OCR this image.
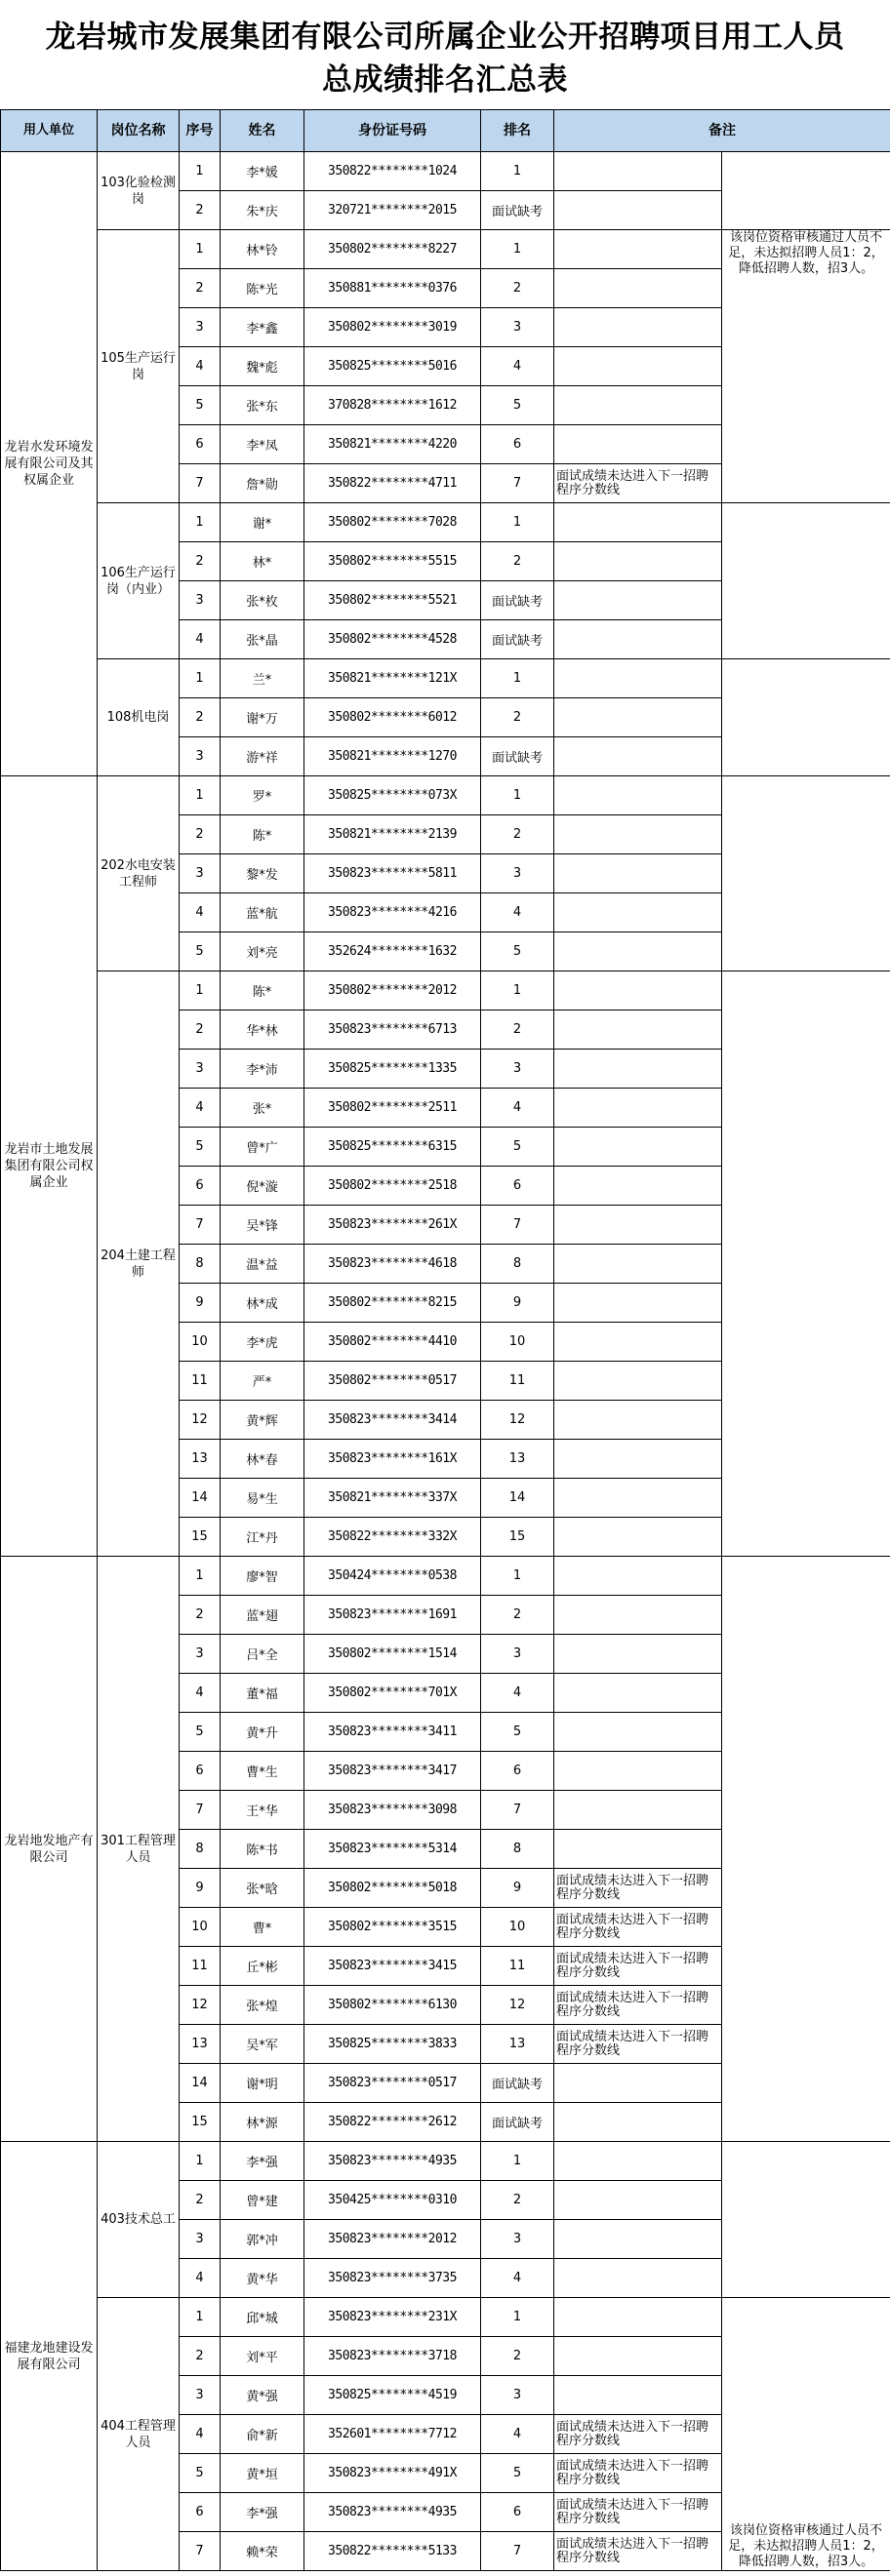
龙岩城市发展集团有限公司所属企业公开招聘项目用工人员
总成绩排名汇总表
用人单位	岗位名称	序号	姓名	身份证号码	排名	备注	
龙岩水发环境发展有限公司及其权属企业	103化验检测岗	1	李*媛	350822********1024	1		
		2	朱*庆	320721********2015	面试缺考		
	105生产运行岗	1	林*铃	350802********8227	1		该岗位资格审核通过人员不足，未达拟招聘人员1：2，降低招聘人数，招3人。
		2	陈*光	350881********0376	2		
		3	李*鑫	350802********3019	3		
		4	魏*彪	350825********5016	4		
		5	张*东	370828********1612	5		
		6	李*凤	350821********4220	6		
		7	詹*勋	350822********4711	7	面试成绩未达进入下一招聘程序分数线	
	106生产运行岗（内业）	1	谢*	350802********7028	1		
		2	林*	350802********5515	2		
		3	张*枚	350802********5521	面试缺考		
		4	张*晶	350802********4528	面试缺考		
	108机电岗	1	兰*	350821********121X	1		
		2	谢*万	350802********6012	2		
		3	游*祥	350821********1270	面试缺考		
龙岩市土地发展集团有限公司权属企业	202水电安装工程师	1	罗*	350825********073X	1		
		2	陈*	350821********2139	2		
		3	黎*发	350823********5811	3		
		4	蓝*航	350823********4216	4		
		5	刘*亮	352624********1632	5		
	204土建工程师	1	陈*	350802********2012	1		
		2	华*林	350823********6713	2		
		3	李*沛	350825********1335	3		
		4	张*	350802********2511	4		
		5	曾*广	350825********6315	5		
		6	倪*漩	350802********2518	6		
		7	吴*锋	350823********261X	7		
		8	温*益	350823********4618	8		
		9	林*成	350802********8215	9		
		10	李*虎	350802********4410	10		
		11	严*	350802********0517	11		
		12	黄*辉	350823********3414	12		
		13	林*春	350823********161X	13		
		14	易*生	350821********337X	14		
		15	江*丹	350822********332X	15		
龙岩地发地产有限公司	301工程管理人员	1	廖*智	350424********0538	1		
		2	蓝*翅	350823********1691	2		
		3	吕*全	350802********1514	3		
		4	董*福	350802********701X	4		
		5	黄*升	350823********3411	5		
		6	曹*生	350823********3417	6		
		7	王*华	350823********3098	7		
		8	陈*书	350823********5314	8		
		9	张*晗	350802********5018	9	面试成绩未达进入下一招聘程序分数线	
		10	曹*	350802********3515	10	面试成绩未达进入下一招聘程序分数线	
		11	丘*彬	350823********3415	11	面试成绩未达进入下一招聘程序分数线	
		12	张*煌	350802********6130	12	面试成绩未达进入下一招聘程序分数线	
		13	吴*军	350825********3833	13	面试成绩未达进入下一招聘程序分数线	
		14	谢*明	350823********0517	面试缺考		
		15	林*源	350822********2612	面试缺考		
福建龙地建设发展有限公司	403技术总工	1	李*强	350823********4935	1		
		2	曾*建	350425********0310	2		
		3	郭*冲	350823********2012	3		
		4	黄*华	350823********3735	4		
	404工程管理人员	1	邱*城	350823********231X	1		该岗位资格审核通过人员不足，未达拟招聘人员1：2，降低招聘人数，招3人。
		2	刘*平	350823********3718	2		
		3	黄*强	350825********4519	3		
		4	俞*新	352601********7712	4	面试成绩未达进入下一招聘程序分数线	
		5	黄*垣	350823********491X	5	面试成绩未达进入下一招聘程序分数线	
		6	李*强	350823********4935	6	面试成绩未达进入下一招聘程序分数线	
		7	赖*荣	350822********5133	7	面试成绩未达进入下一招聘程序分数线	
